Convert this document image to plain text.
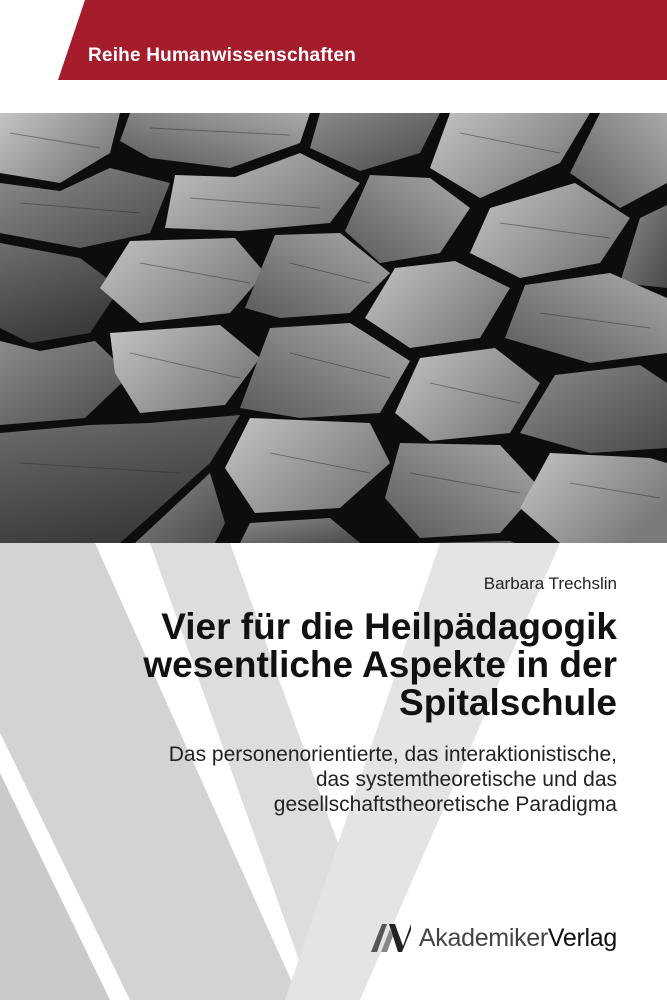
Reihe Humanwissenschaften
Barbara Trechslin
Vier für die Heilpädagogik
wesentliche Aspekte in der
Spitalschule
Das personenorientierte, das interaktionistische,
das systemtheoretische und das
gesellschaftstheoretische Paradigma
AkademikerVerlag
